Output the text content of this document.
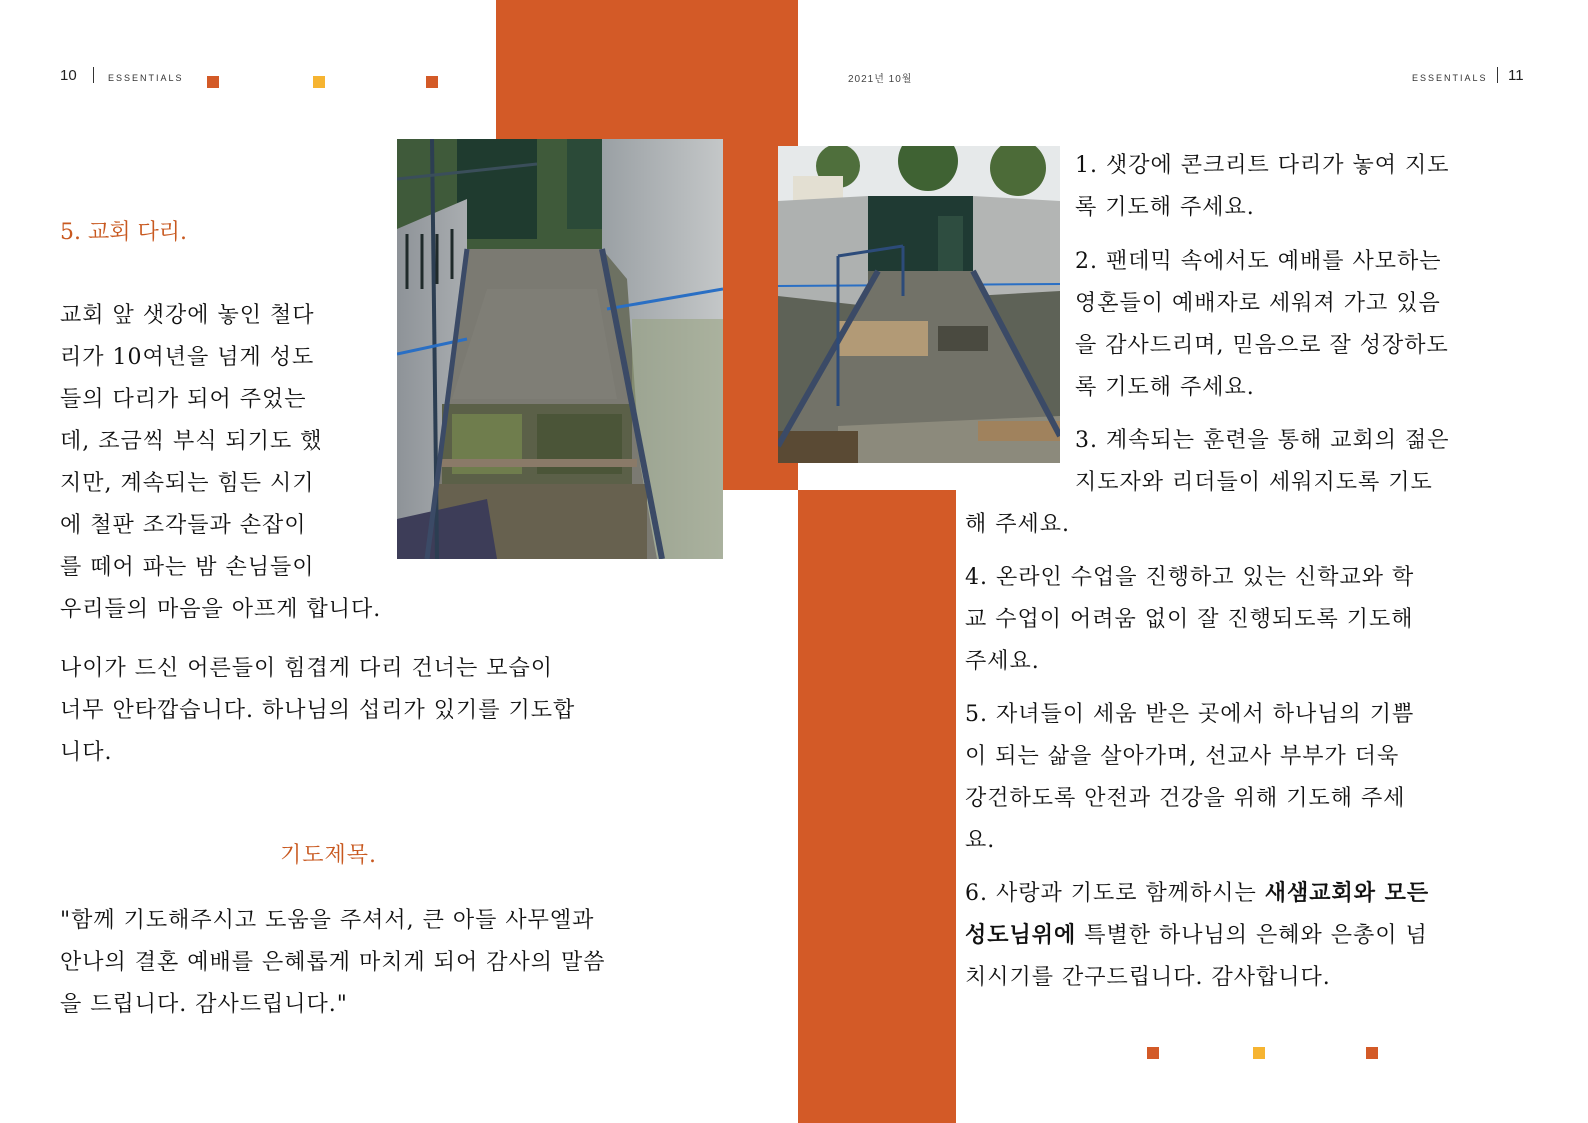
10	ESSENTIALS	2021년 10월	ESSENTIALS 11
5. 교회 다리.

교회 앞 샛강에 놓인 철다

리가 10여년을 넘게 성도

들의 다리가 되어 주었는

데, 조금씩 부식 되기도 했

지만, 계속되는 힘든 시기

에 철판 조각들과 손잡이

를 떼어 파는 밤 손님들이

우리들의 마음을 아프게 합니다.

나이가 드신 어른들이 힘겹게 다리 건너는 모습이

너무 안타깝습니다. 하나님의 섭리가 있기를 기도합

니다.

기도제목.

"함께 기도해주시고 도움을 주셔서, 큰 아들 사무엘과

안나의 결혼 예배를 은혜롭게 마치게 되어 감사의 말씀

을 드립니다. 감사드립니다."

1. 샛강에 콘크리트 다리가 놓여 지도

록 기도해 주세요.

2. 팬데믹 속에서도 예배를 사모하는

영혼들이 예배자로 세워져 가고 있음

을 감사드리며, 믿음으로 잘 성장하도

록 기도해 주세요.

3. 계속되는 훈련을 통해 교회의 젊은

지도자와 리더들이 세워지도록 기도

해 주세요.

4. 온라인 수업을 진행하고 있는 신학교와 학

교 수업이 어려움 없이 잘 진행되도록 기도해

주세요.

5. 자녀들이 세움 받은 곳에서 하나님의 기쁨

이 되는 삶을 살아가며, 선교사 부부가 더욱

강건하도록 안전과 건강을 위해 기도해 주세

요.

6. 사랑과 기도로 함께하시는 새샘교회와 모든

성도님위에 특별한 하나님의 은혜와 은총이 넘

치시기를 간구드립니다. 감사합니다.
